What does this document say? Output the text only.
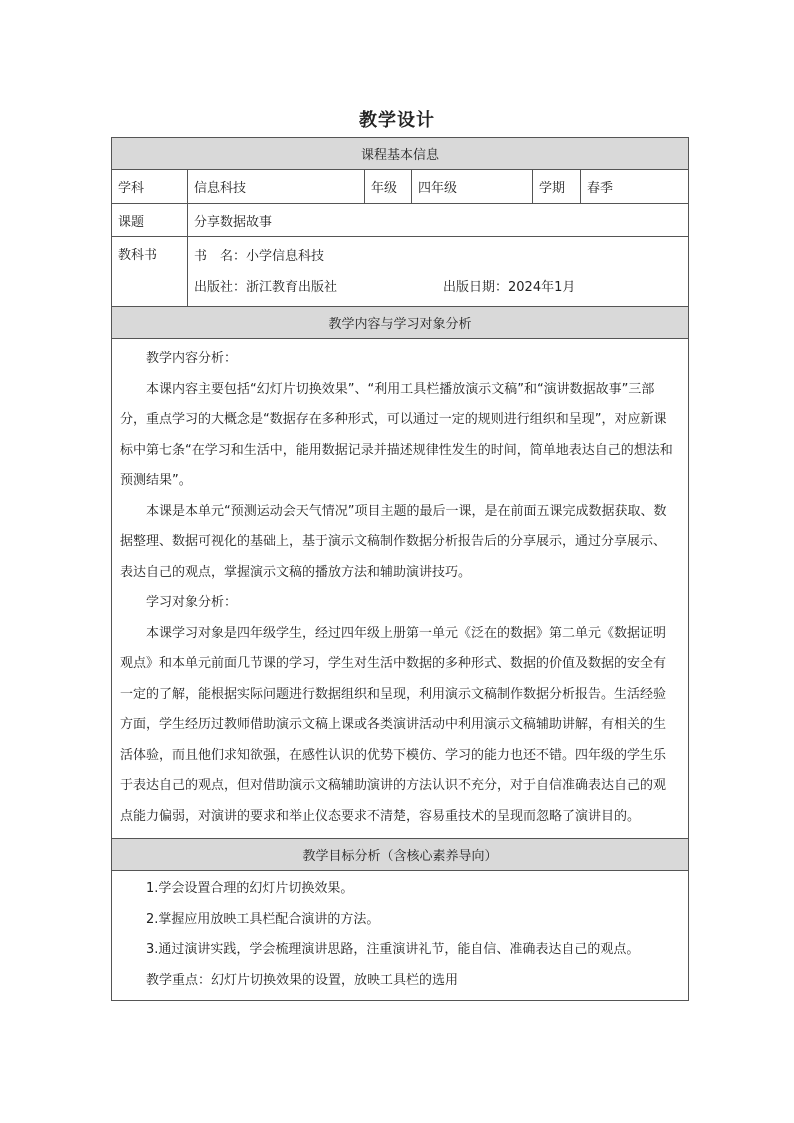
教学设计
课程基本信息					
学科	信息科技	年级	四年级	学期	春季
课题	分享数据故事				
教科书	书　名：小学信息科技
出版社：浙江教育出版社 出版日期：2024年1月				

教学内容与学习对象分析					

教学内容分析：

本课内容主要包括“幻灯片切换效果”、“利用工具栏播放演示文稿”和“演讲数据故事”三部分，重点学习的大概念是“数据存在多种形式，可以通过一定的规则进行组织和呈现”，对应新课标中第七条“在学习和生活中，能用数据记录并描述规律性发生的时间，简单地表达自己的想法和预测结果”。

本课是本单元“预测运动会天气情况”项目主题的最后一课，是在前面五课完成数据获取、数据整理、数据可视化的基础上，基于演示文稿制作数据分析报告后的分享展示，通过分享展示、表达自己的观点，掌握演示文稿的播放方法和辅助演讲技巧。

学习对象分析：

本课学习对象是四年级学生，经过四年级上册第一单元《泛在的数据》第二单元《数据证明观点》和本单元前面几节课的学习，学生对生活中数据的多种形式、数据的价值及数据的安全有一定的了解，能根据实际问题进行数据组织和呈现，利用演示文稿制作数据分析报告。生活经验方面，学生经历过教师借助演示文稿上课或各类演讲活动中利用演示文稿辅助讲解，有相关的生活体验，而且他们求知欲强，在感性认识的优势下模仿、学习的能力也还不错。四年级的学生乐于表达自己的观点，但对借助演示文稿辅助演讲的方法认识不充分，对于自信准确表达自己的观点能力偏弱，对演讲的要求和举止仪态要求不清楚，容易重技术的呈现而忽略了演讲目的。					

教学目标分析（含核心素养导向）					

1.学会设置合理的幻灯片切换效果。

2.掌握应用放映工具栏配合演讲的方法。

3.通过演讲实践，学会梳理演讲思路，注重演讲礼节，能自信、准确表达自己的观点。

教学重点：幻灯片切换效果的设置，放映工具栏的选用					
